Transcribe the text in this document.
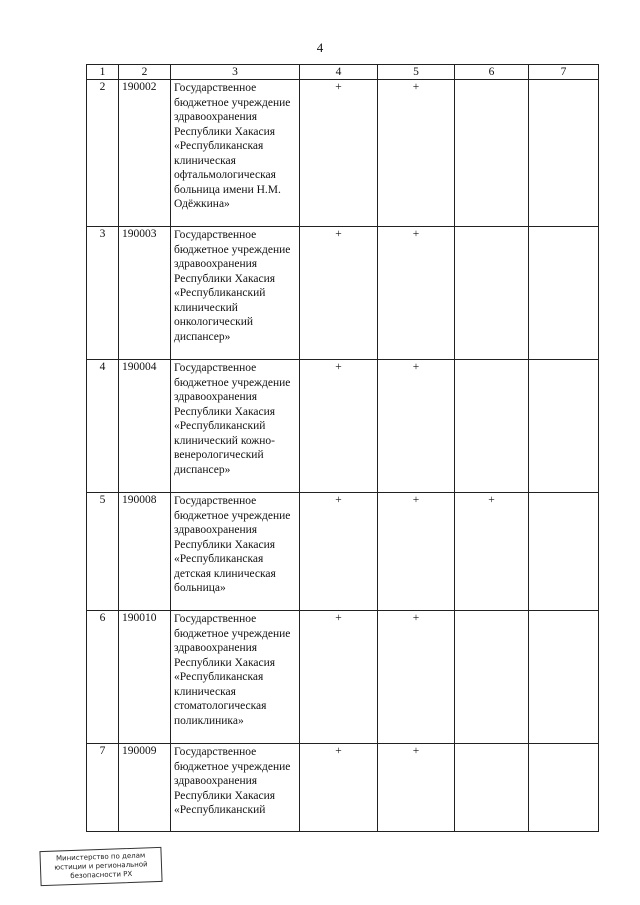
4
1	2	3	4	5	6	7
2	190002	Государственное бюджетное учреждение здравоохранения Республики Хакасия «Республиканская клиническая офтальмологическая больница имени Н.М. Одёжкина»	+	+		
3	190003	Государственное бюджетное учреждение здравоохранения Республики Хакасия «Республиканский клинический онкологический диспансер»	+	+		
4	190004	Государственное бюджетное учреждение здравоохранения Республики Хакасия «Республиканский клинический кожно-венерологический диспансер»	+	+		
5	190008	Государственное бюджетное учреждение здравоохранения Республики Хакасия «Республиканская детская клиническая больница»	+	+	+	
6	190010	Государственное бюджетное учреждение здравоохранения Республики Хакасия «Республиканская клиническая стоматологическая поликлиника»	+	+		
7	190009	Государственное бюджетное учреждение здравоохранения Республики Хакасия «Республиканский	+	+		
Министерство по делам
юстиции и региональной
безопасности РХ
